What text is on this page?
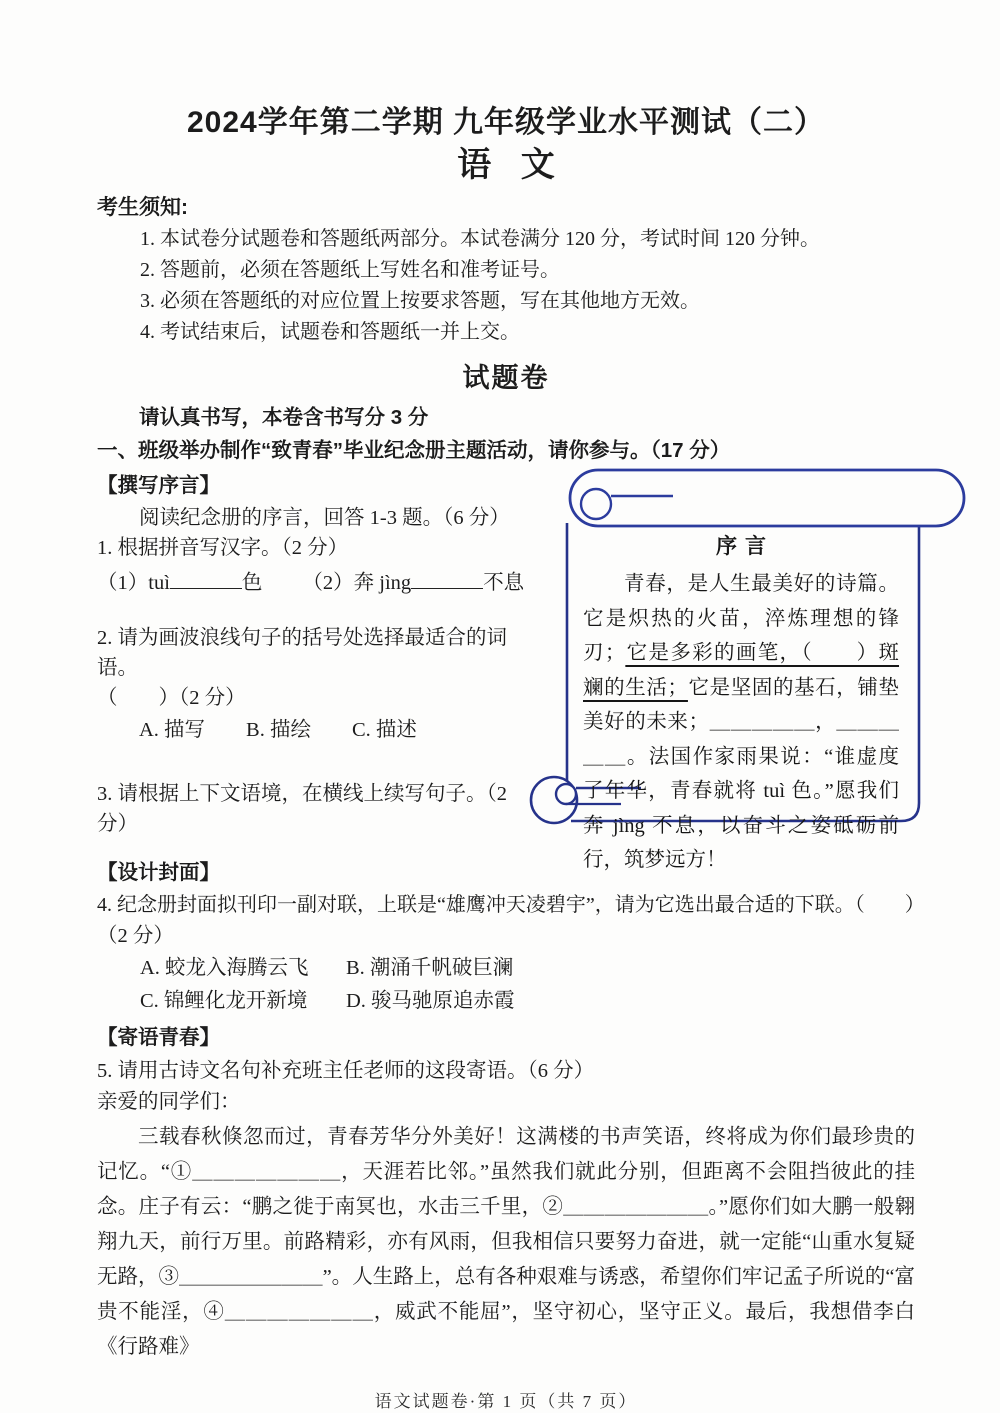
2024学年第二学期 九年级学业水平测试（二）
语 文
考生须知:
1. 本试卷分试题卷和答题纸两部分。本试卷满分 120 分，考试时间 120 分钟。
2. 答题前，必须在答题纸上写姓名和准考证号。
3. 必须在答题纸的对应位置上按要求答题，写在其他地方无效。
4. 考试结束后，试题卷和答题纸一并上交。
试题卷
请认真书写，本卷含书写分 3 分
一、班级举办制作“致青春”毕业纪念册主题活动，请你参与。（17 分）
【撰写序言】
阅读纪念册的序言，回答 1-3 题。（6 分）
1. 根据拼音写汉字。（2 分）
（1）tuì	色 （2）奔 jìng	不息
2. 请为画波浪线句子的括号处选择最适合的词语。
（　　）（2 分）
A. 描写　　B. 描绘　　C. 描述
3. 请根据上下文语境，在横线上续写句子。（2 分）
序言

青春，是人生最美好的诗篇。它是炽热的火苗，淬炼理想的锋刃；它是多彩的画笔，（　　）斑斓的生活；它是坚固的基石，铺垫美好的未来；＿＿＿＿＿，＿＿＿＿＿。法国作家雨果说：“谁虚度了年华，青春就将 tuì 色。”愿我们奔 jìng 不息，以奋斗之姿砥砺前行，筑梦远方！

【设计封面】
4. 纪念册封面拟刊印一副对联，上联是“雄鹰冲天凌碧宇”，请为它选出最合适的下联。（　　）
（2 分）
A. 蛟龙入海腾云飞	B. 潮涌千帆破巨澜
C. 锦鲤化龙开新境	D. 骏马驰原追赤霞
【寄语青春】
5. 请用古诗文名句补充班主任老师的这段寄语。（6 分）
亲爱的同学们：

三载春秋倏忽而过，青春芳华分外美好！这满楼的书声笑语，终将成为你们最珍贵的记忆。“①＿＿＿＿＿＿＿，天涯若比邻。”虽然我们就此分别，但距离不会阻挡彼此的挂念。庄子有云：“鹏之徙于南冥也，水击三千里，②＿＿＿＿＿＿＿。”愿你们如大鹏一般翱翔九天，前行万里。前路精彩，亦有风雨，但我相信只要努力奋进，就一定能“山重水复疑无路，③＿＿＿＿＿＿＿”。人生路上，总有各种艰难与诱惑，希望你们牢记孟子所说的“富贵不能淫，④＿＿＿＿＿＿＿，威武不能屈”，坚守初心，坚守正义。最后，我想借李白《行路难》

语文试题卷·第 1 页（共 7 页）
